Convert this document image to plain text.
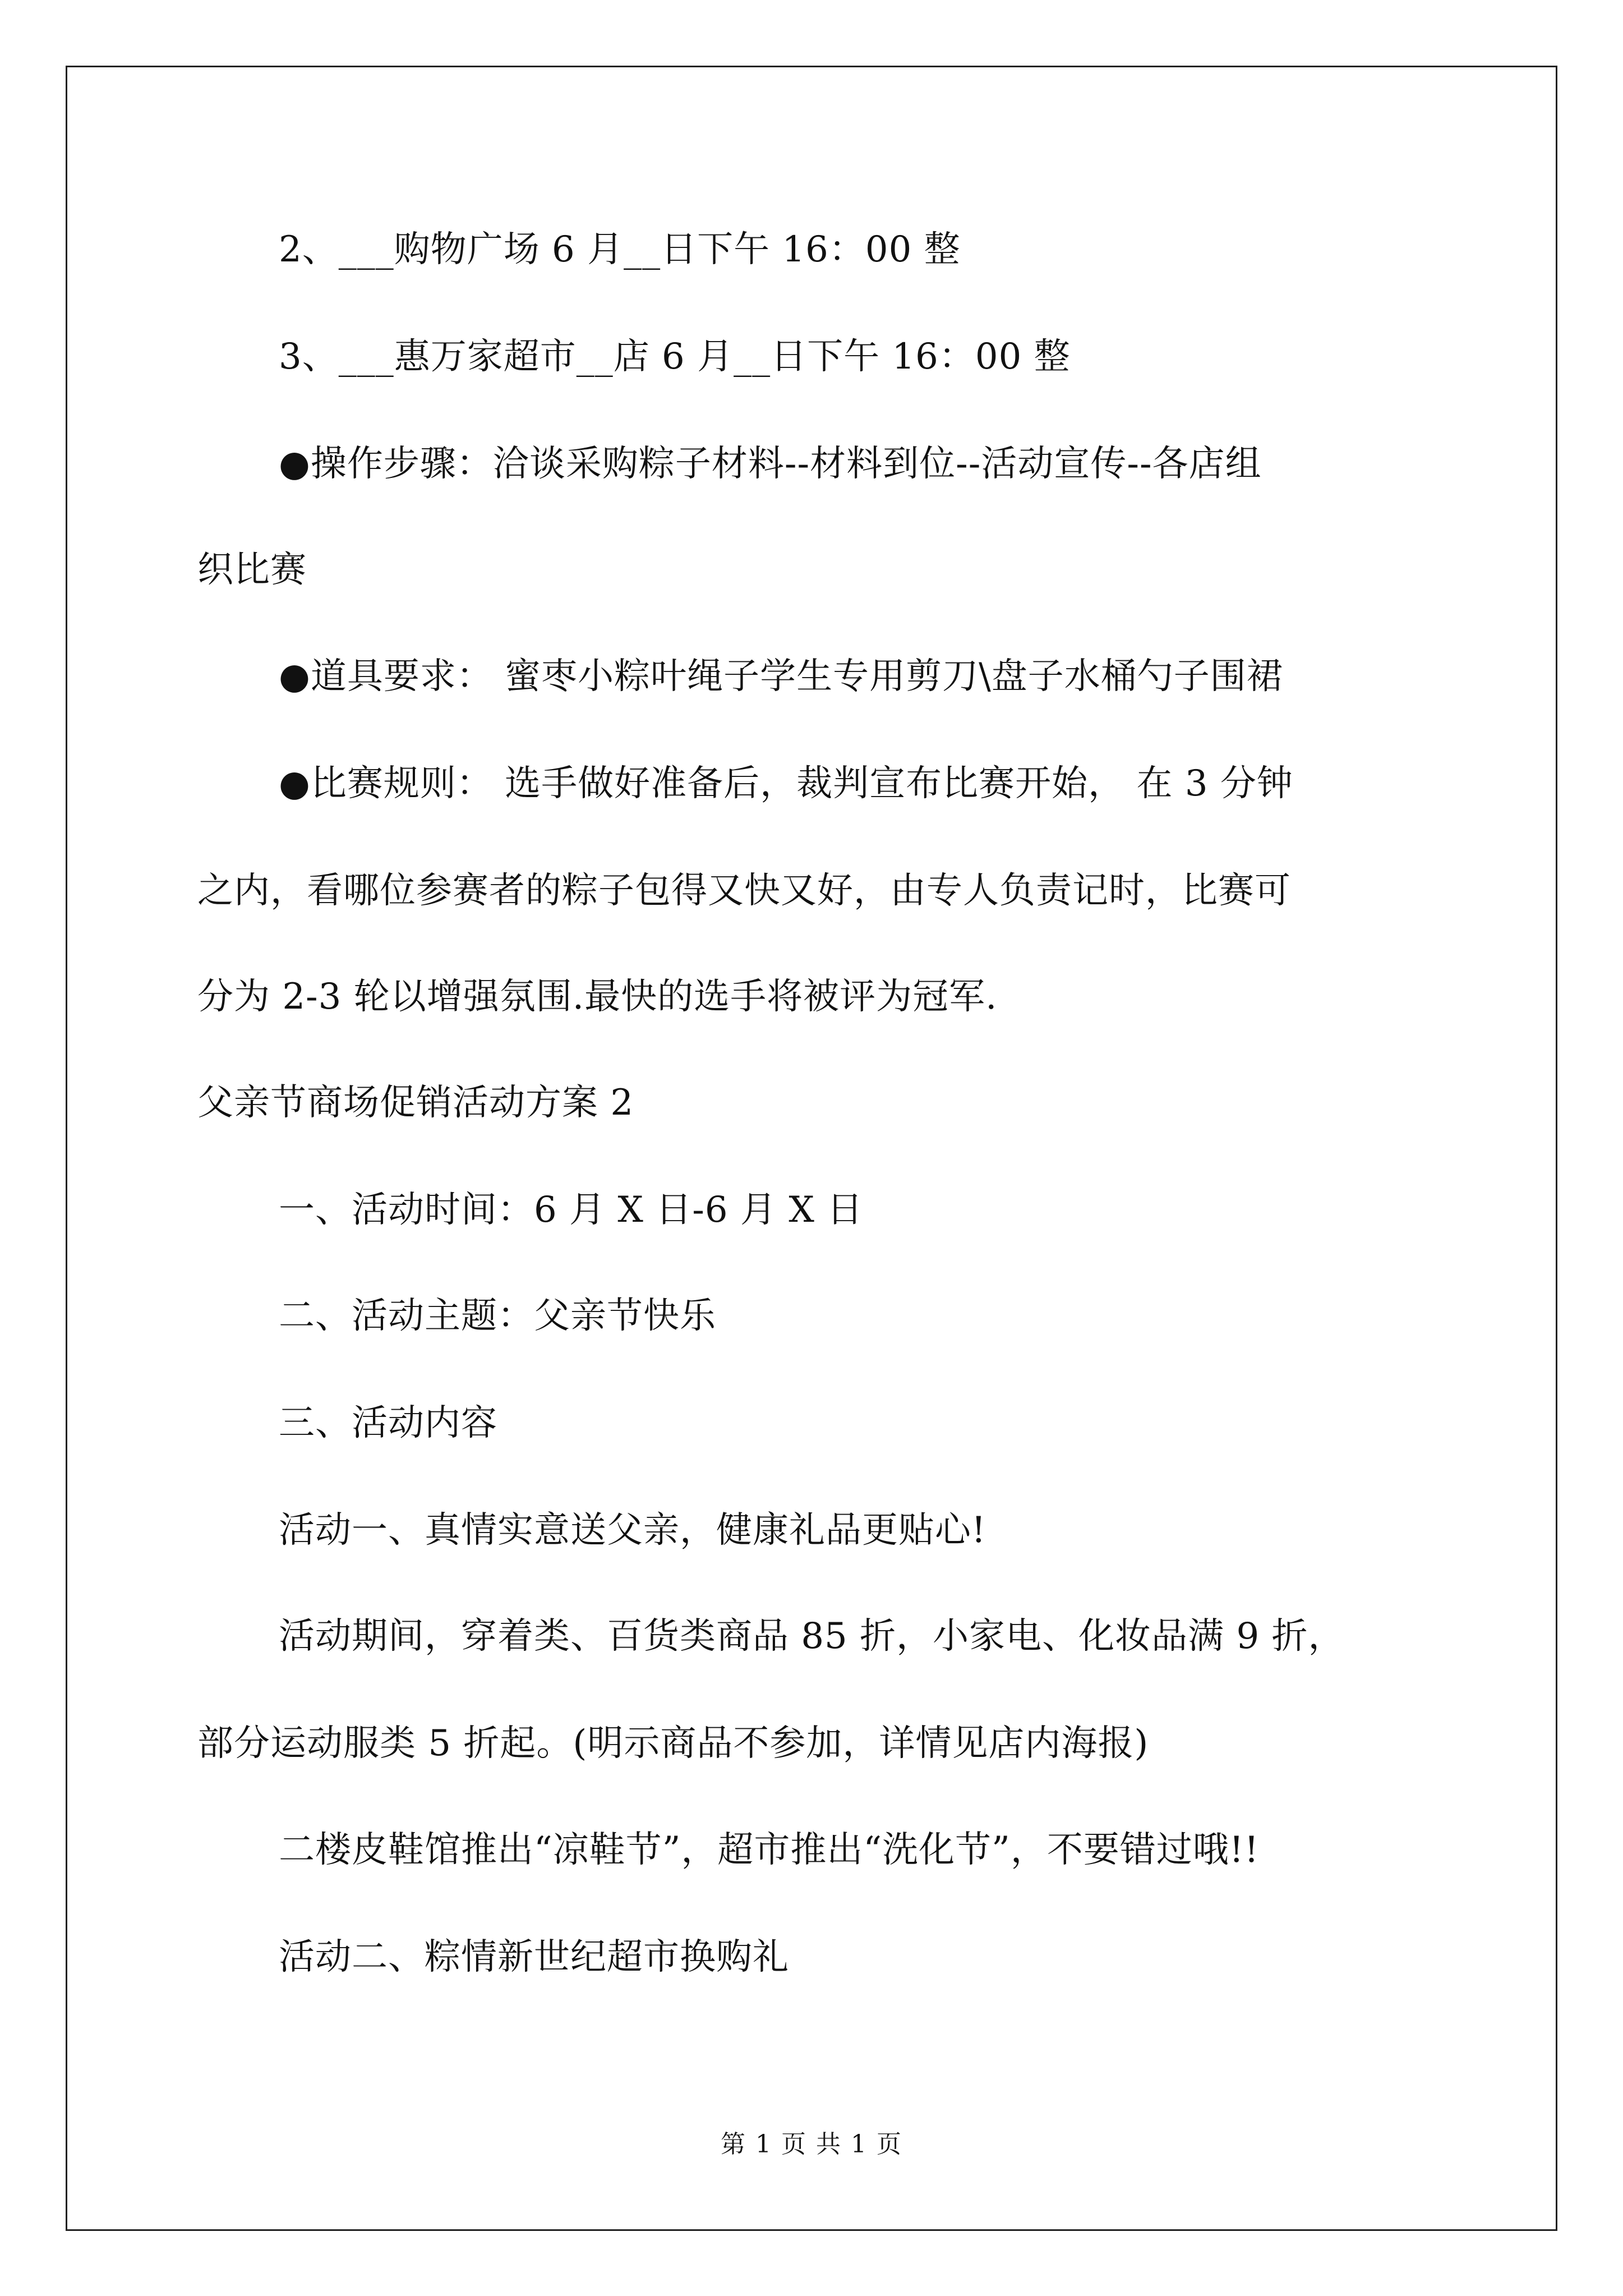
2、___购物广场 6 月__日下午 16：00 整
3、___惠万家超市__店 6 月__日下午 16：00 整
●操作步骤：洽谈采购粽子材料--材料到位--活动宣传--各店组
织比赛
●道具要求： 蜜枣小粽叶绳子学生专用剪刀\盘子水桶勺子围裙
●比赛规则： 选手做好准备后，裁判宣布比赛开始， 在 3 分钟
之内，看哪位参赛者的粽子包得又快又好，由专人负责记时，比赛可
分为 2-3 轮以增强氛围.最快的选手将被评为冠军.
父亲节商场促销活动方案 2
一、活动时间：6 月 X 日-6 月 X 日
二、活动主题：父亲节快乐
三、活动内容
活动一、真情实意送父亲，健康礼品更贴心!
活动期间，穿着类、百货类商品 85 折，小家电、化妆品满 9 折，
部分运动服类 5 折起。(明示商品不参加，详情见店内海报)
二楼皮鞋馆推出“凉鞋节”，超市推出“洗化节”，不要错过哦!!
活动二、粽情新世纪超市换购礼
第 1 页 共 1 页
